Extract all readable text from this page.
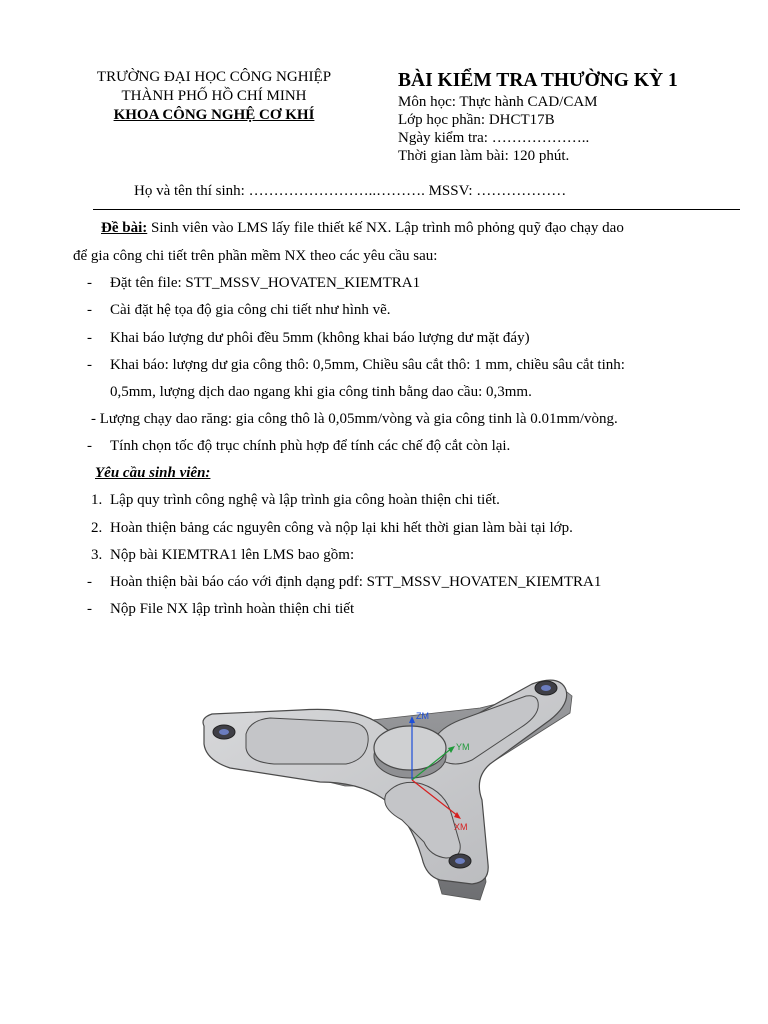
TRƯỜNG ĐẠI HỌC CÔNG NGHIỆP
THÀNH PHỐ HỒ CHÍ MINH
KHOA CÔNG NGHỆ CƠ KHÍ
BÀI KIỂM TRA THƯỜNG KỲ 1
Môn học: Thực hành CAD/CAM
Lớp học phần: DHCT17B
Ngày kiểm tra: ………………..
Thời gian làm bài: 120 phút.
Họ và tên thí sinh: ……………………..………. MSSV: ………………
Đề bài: Sinh viên vào LMS lấy file thiết kế NX. Lập trình mô phỏng quỹ đạo chạy dao
để gia công chi tiết trên phần mềm NX theo các yêu cầu sau:
- Đặt tên file: STT_MSSV_HOVATEN_KIEMTRA1
- Cài đặt hệ tọa độ gia công chi tiết như hình vẽ.
- Khai báo lượng dư phôi đều 5mm (không khai báo lượng dư mặt đáy)
- Khai báo: lượng dư gia công thô: 0,5mm, Chiều sâu cắt thô: 1 mm, chiều sâu cắt tinh:
0,5mm, lượng dịch dao ngang khi gia công tinh bằng dao cầu: 0,3mm.
- Lượng chạy dao răng: gia công thô là 0,05mm/vòng và gia công tinh là 0.01mm/vòng.
- Tính chọn tốc độ trục chính phù hợp để tính các chế độ cắt còn lại.
Yêu cầu sinh viên:
1. Lập quy trình công nghệ và lập trình gia công hoàn thiện chi tiết.
2. Hoàn thiện bảng các nguyên công và nộp lại khi hết thời gian làm bài tại lớp.
3. Nộp bài KIEMTRA1 lên LMS bao gồm:
- Hoàn thiện bài báo cáo với định dạng pdf: STT_MSSV_HOVATEN_KIEMTRA1
- Nộp File NX lập trình hoàn thiện chi tiết
ZM
YM
XM
